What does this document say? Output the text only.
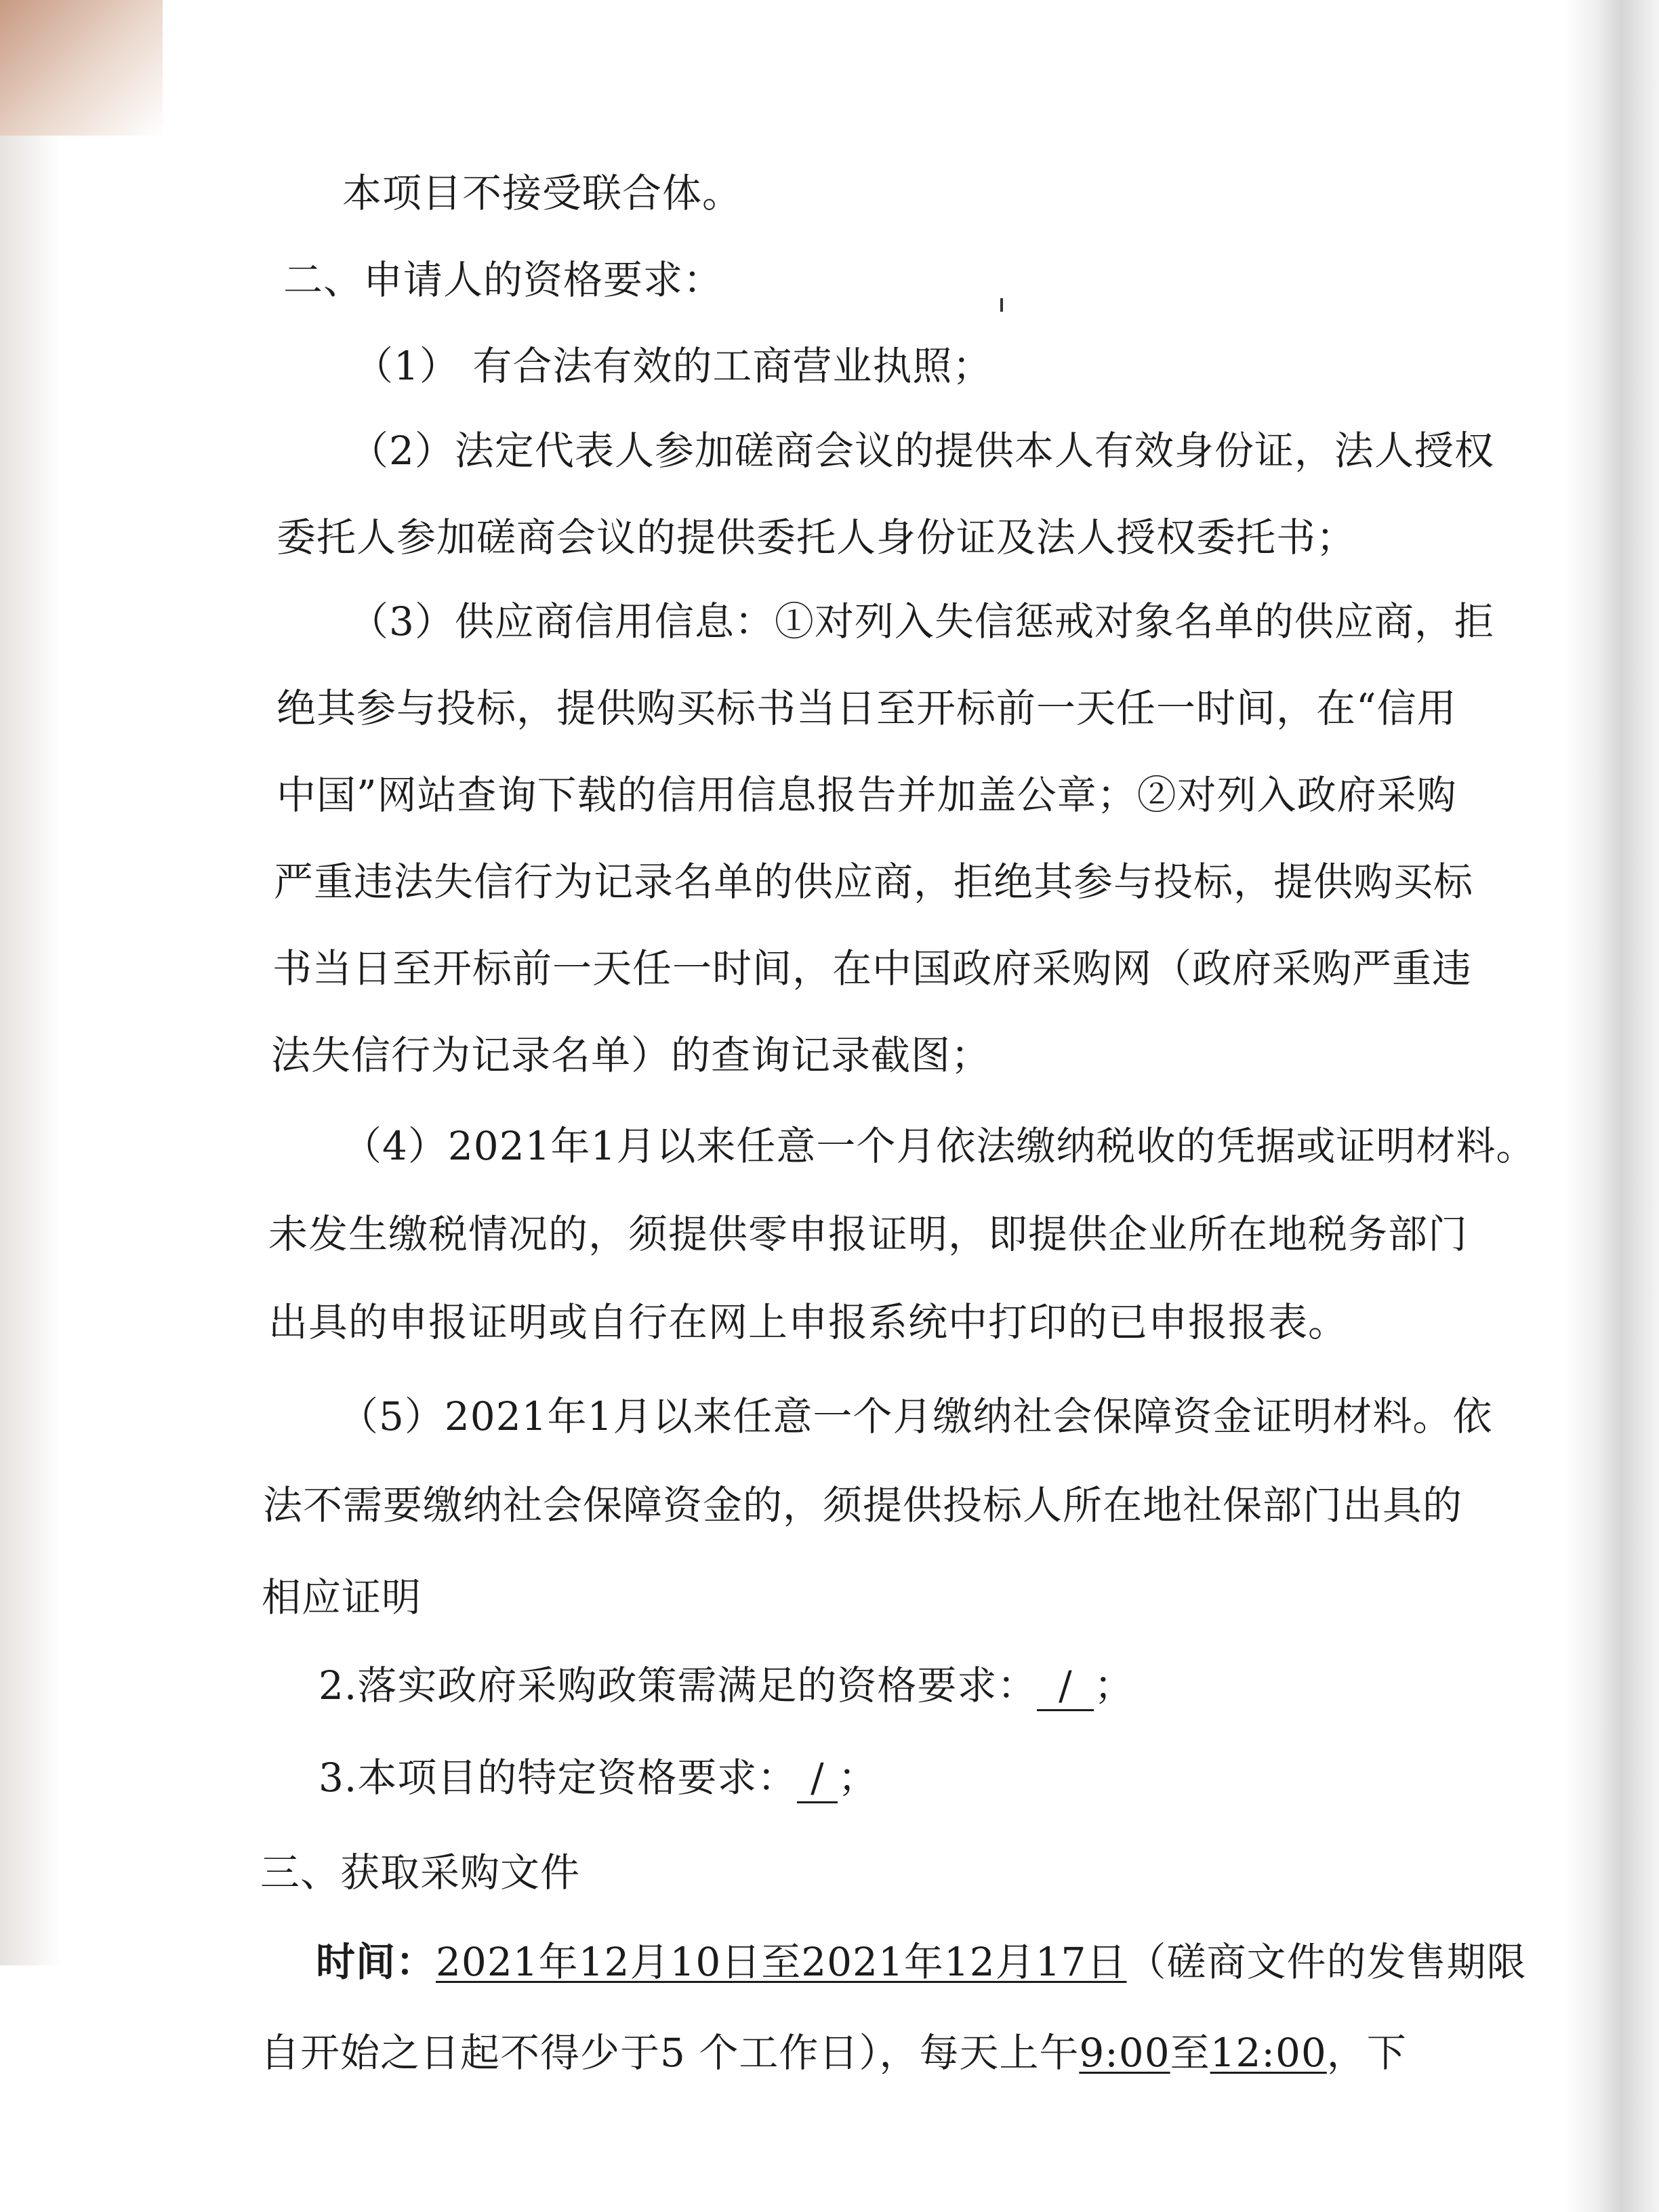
本项目不接受联合体。
二、申请人的资格要求：
（1） 有合法有效的工商营业执照；
（2）法定代表人参加磋商会议的提供本人有效身份证，法人授权
委托人参加磋商会议的提供委托人身份证及法人授权委托书；
（3）供应商信用信息：①对列入失信惩戒对象名单的供应商，拒
绝其参与投标，提供购买标书当日至开标前一天任一时间，在“信用
中国”网站查询下载的信用信息报告并加盖公章；②对列入政府采购
严重违法失信行为记录名单的供应商，拒绝其参与投标，提供购买标
书当日至开标前一天任一时间，在中国政府采购网（政府采购严重违
法失信行为记录名单）的查询记录截图；
（4）2021年1月以来任意一个月依法缴纳税收的凭据或证明材料。
未发生缴税情况的，须提供零申报证明，即提供企业所在地税务部门
出具的申报证明或自行在网上申报系统中打印的已申报报表。
（5）2021年1月以来任意一个月缴纳社会保障资金证明材料。依
法不需要缴纳社会保障资金的，须提供投标人所在地社保部门出具的
相应证明
2.落实政府采购政策需满足的资格要求： / ；
3.本项目的特定资格要求： / ；
三、获取采购文件
时间：2021年12月10日至2021年12月17日（磋商文件的发售期限
自开始之日起不得少于5 个工作日），每天上午9:00至12:00，下
